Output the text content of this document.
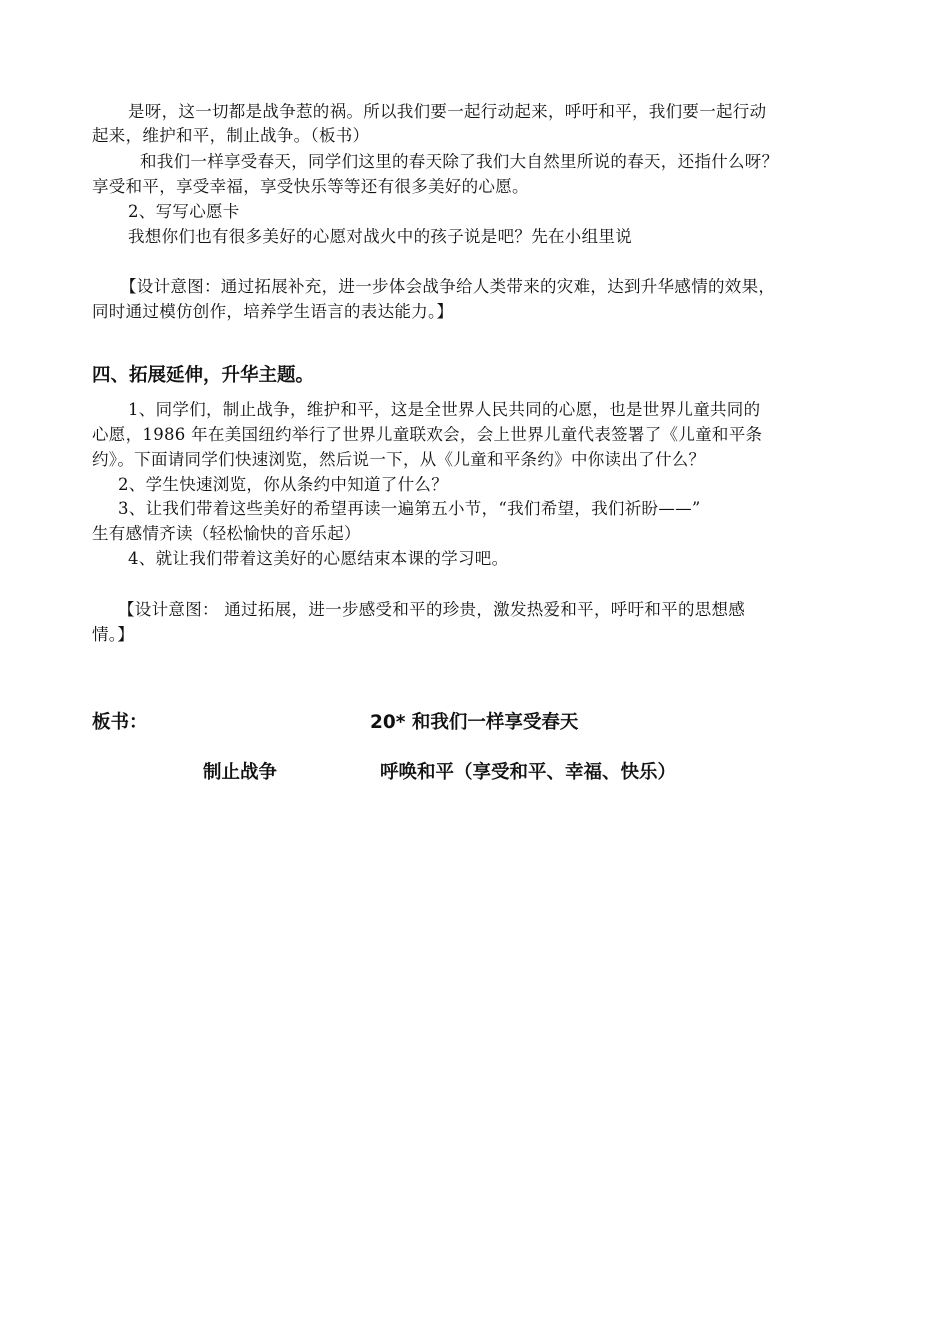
是呀，这一切都是战争惹的祸。所以我们要一起行动起来，呼吁和平，我们要一起行动
起来，维护和平，制止战争。（板书）
和我们一样享受春天，同学们这里的春天除了我们大自然里所说的春天，还指什么呀？
享受和平，享受幸福，享受快乐等等还有很多美好的心愿。
2、写写心愿卡
我想你们也有很多美好的心愿对战火中的孩子说是吧？先在小组里说
【设计意图：通过拓展补充，进一步体会战争给人类带来的灾难，达到升华感情的效果，
同时通过模仿创作，培养学生语言的表达能力。】
四、拓展延伸，升华主题。
1、同学们，制止战争，维护和平，这是全世界人民共同的心愿，也是世界儿童共同的
心愿，1986 年在美国纽约举行了世界儿童联欢会，会上世界儿童代表签署了《儿童和平条
约》。下面请同学们快速浏览，然后说一下，从《儿童和平条约》中你读出了什么？
2、学生快速浏览，你从条约中知道了什么？
3、让我们带着这些美好的希望再读一遍第五小节，“我们希望，我们祈盼——”
生有感情齐读（轻松愉快的音乐起）
4、就让我们带着这美好的心愿结束本课的学习吧。
【设计意图： 通过拓展，进一步感受和平的珍贵，激发热爱和平，呼吁和平的思想感
情。】
板书：	20* 和我们一样享受春天
制止战争	呼唤和平（享受和平、幸福、快乐）
